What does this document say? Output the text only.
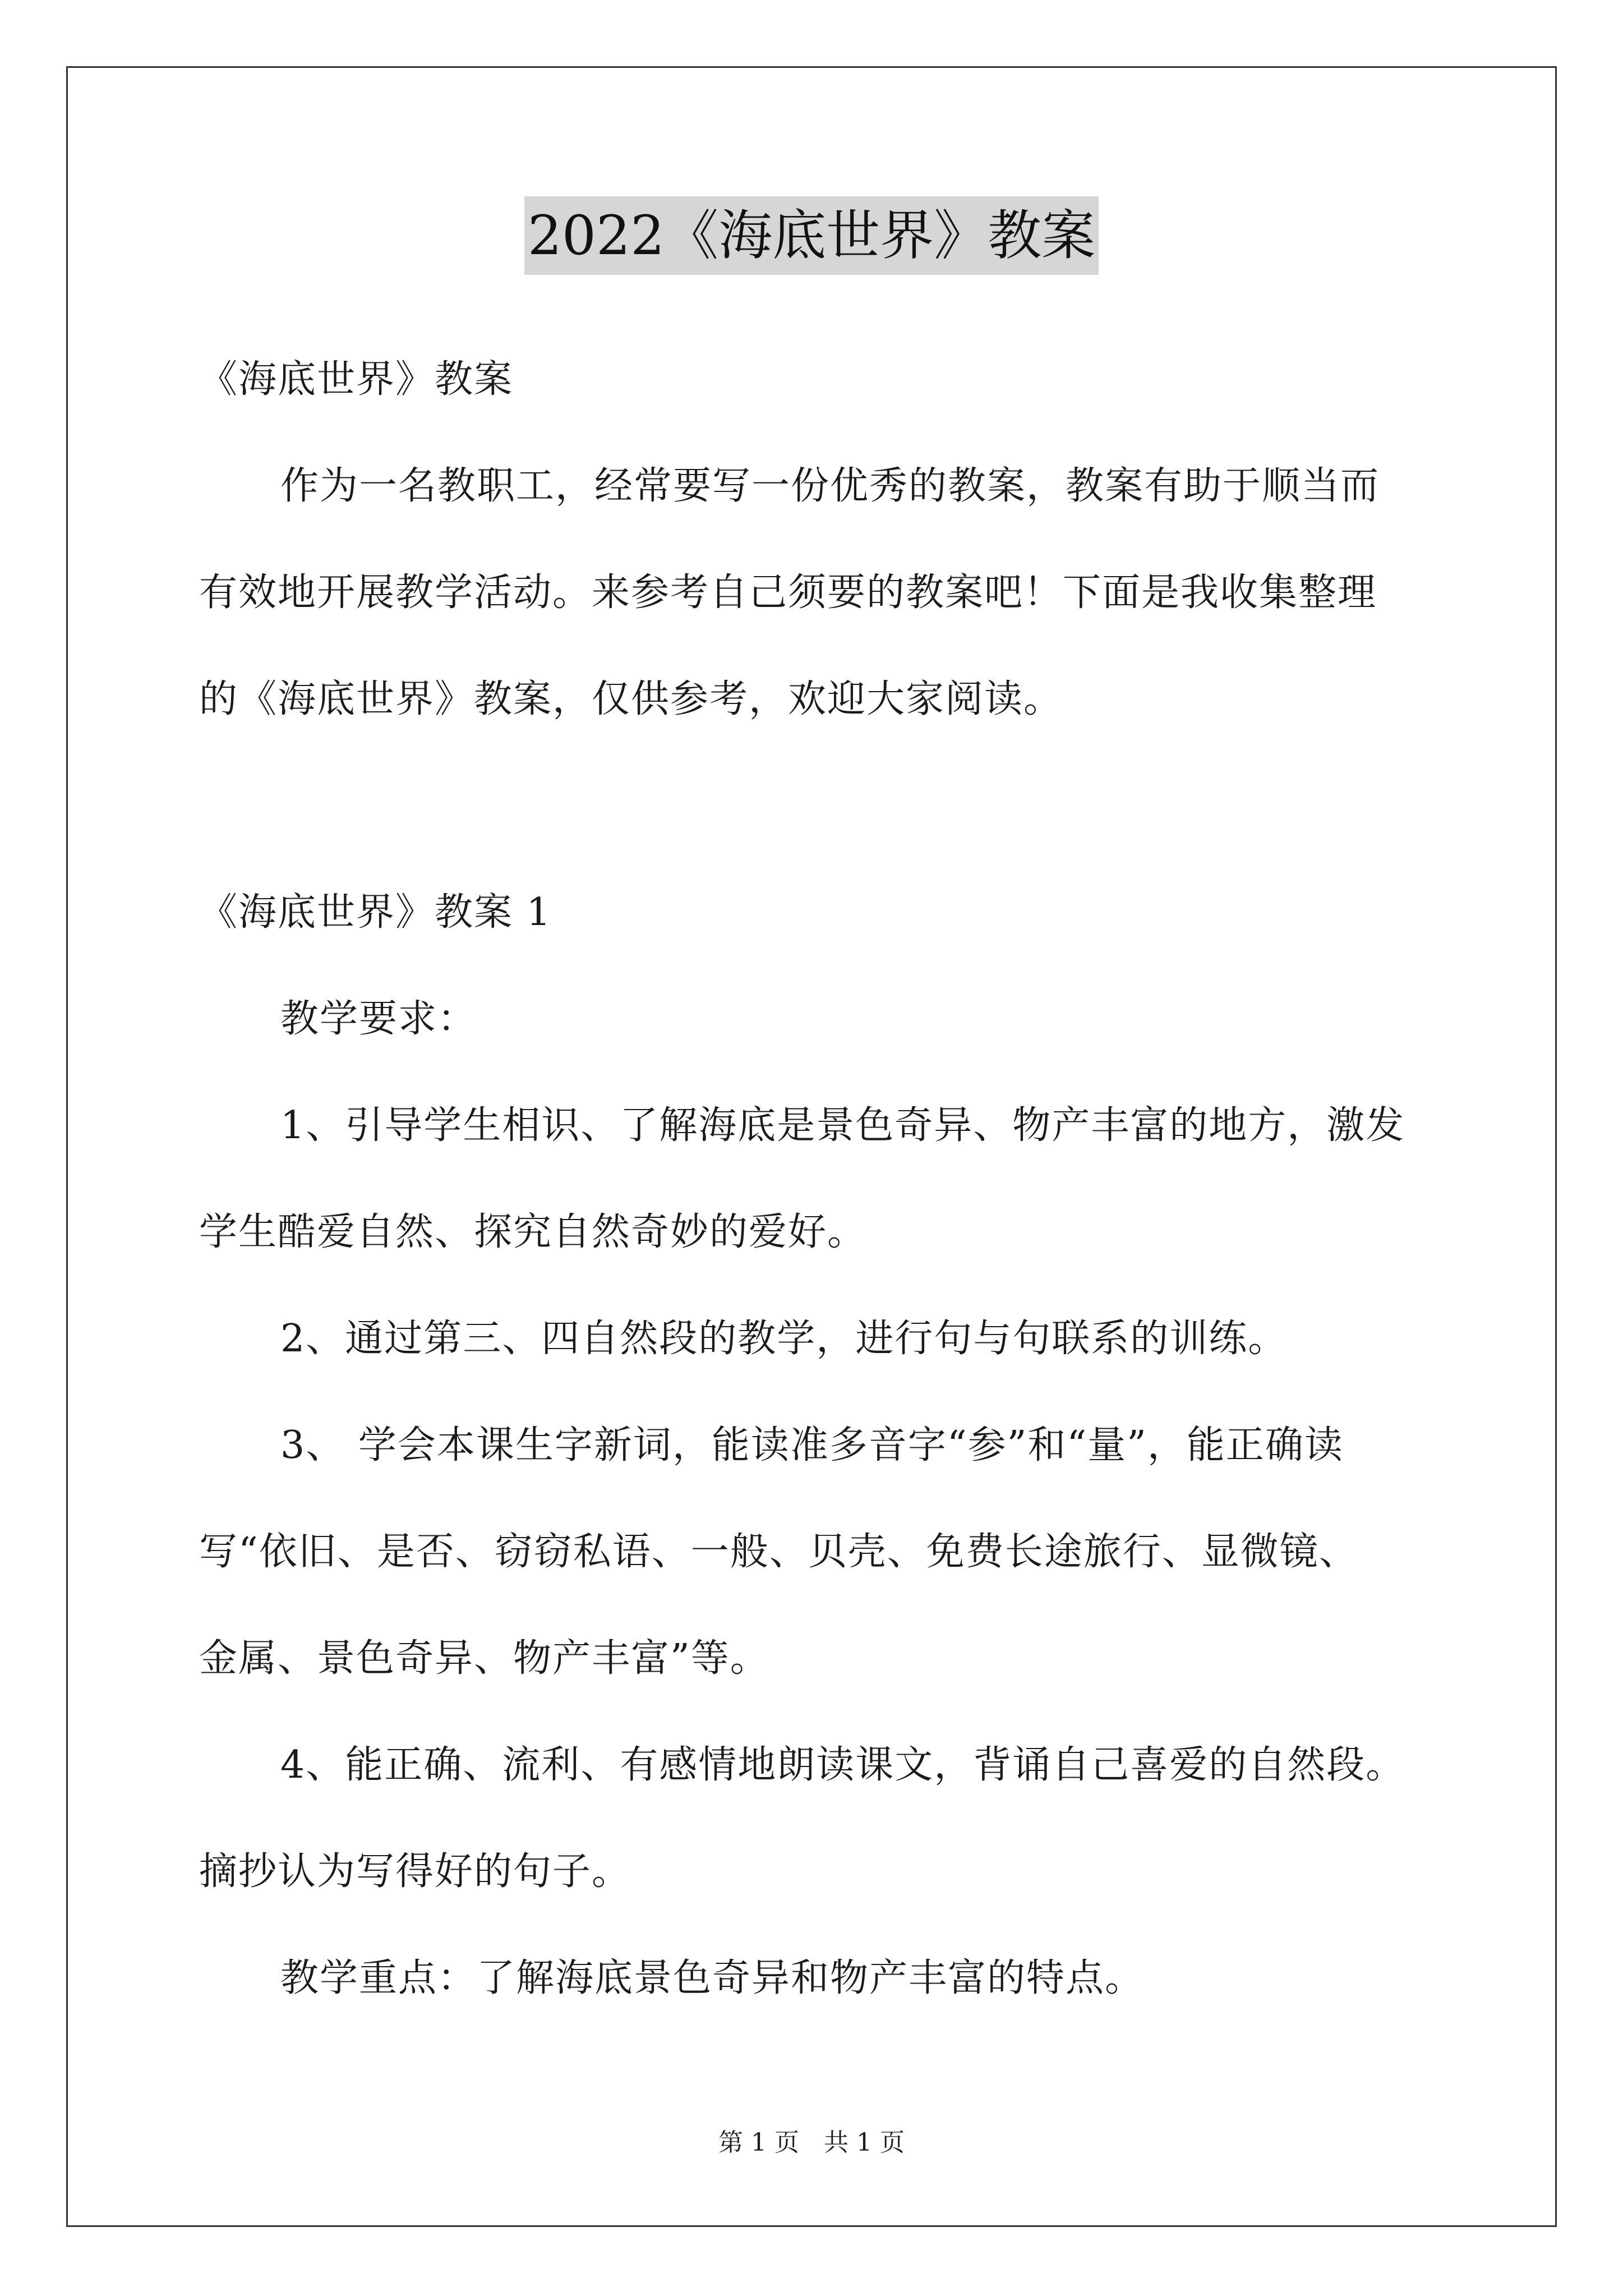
2022《海底世界》教案
《海底世界》教案
作为一名教职工，经常要写一份优秀的教案，教案有助于顺当而
有效地开展教学活动。来参考自己须要的教案吧！下面是我收集整理
的《海底世界》教案，仅供参考，欢迎大家阅读。
《海底世界》教案 1
教学要求：
1、引导学生相识、了解海底是景色奇异、物产丰富的地方，激发
学生酷爱自然、探究自然奇妙的爱好。
2、通过第三、四自然段的教学，进行句与句联系的训练。
3、 学会本课生字新词，能读准多音字“参”和“量”，能正确读
写“依旧、是否、窃窃私语、一般、贝壳、免费长途旅行、显微镜、
金属、景色奇异、物产丰富”等。
4、能正确、流利、有感情地朗读课文，背诵自己喜爱的自然段。
摘抄认为写得好的句子。
教学重点：了解海底景色奇异和物产丰富的特点。
第 1 页　共 1 页
